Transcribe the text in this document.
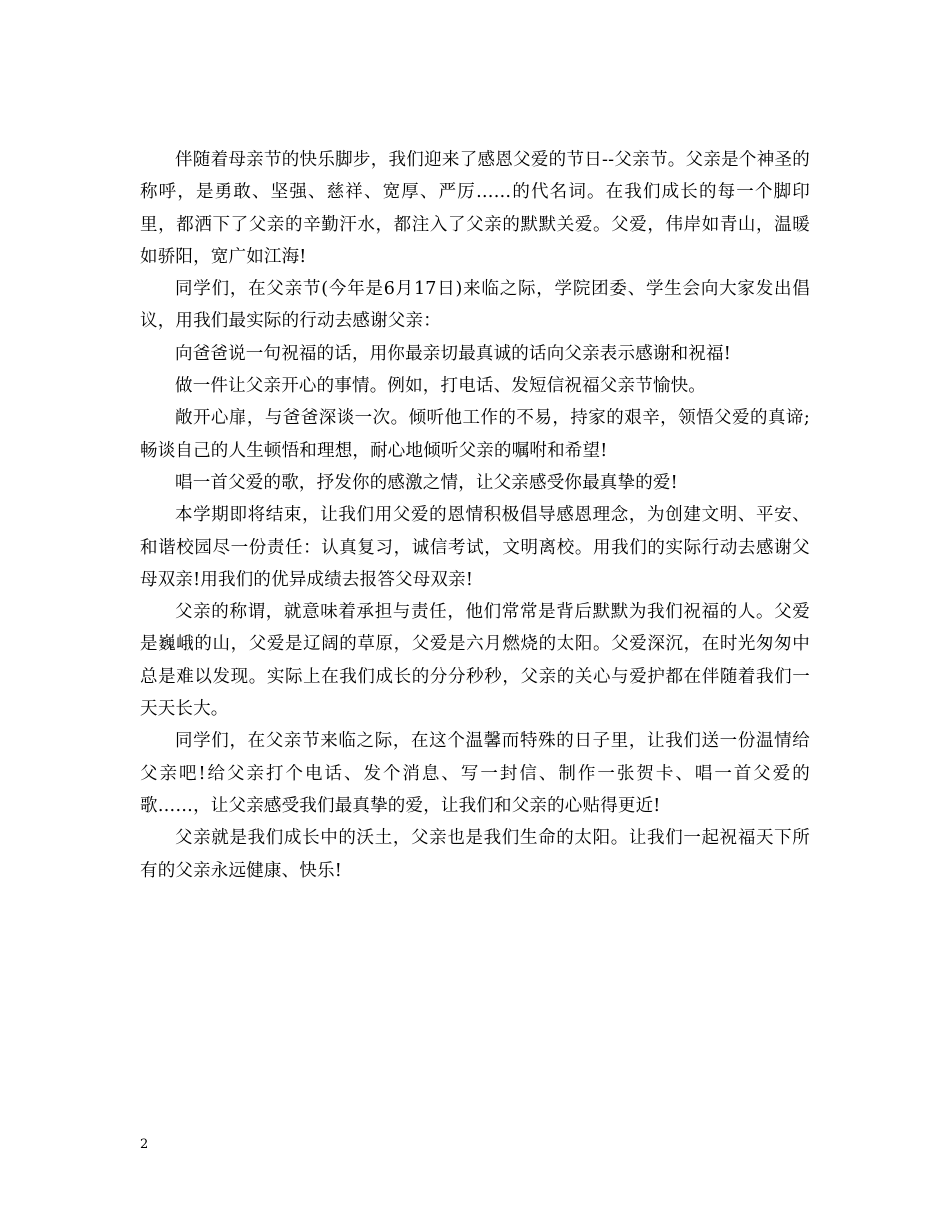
伴随着母亲节的快乐脚步，我们迎来了感恩父爱的节日--父亲节。父亲是个神圣的称呼，是勇敢、坚强、慈祥、宽厚、严厉……的代名词。在我们成长的每一个脚印里，都洒下了父亲的辛勤汗水，都注入了父亲的默默关爱。父爱，伟岸如青山，温暖如骄阳，宽广如江海!

同学们，在父亲节(今年是6月17日)来临之际，学院团委、学生会向大家发出倡议，用我们最实际的行动去感谢父亲：

向爸爸说一句祝福的话，用你最亲切最真诚的话向父亲表示感谢和祝福!

做一件让父亲开心的事情。例如，打电话、发短信祝福父亲节愉快。

敞开心扉，与爸爸深谈一次。倾听他工作的不易，持家的艰辛，领悟父爱的真谛;畅谈自己的人生顿悟和理想，耐心地倾听父亲的嘱咐和希望!

唱一首父爱的歌，抒发你的感激之情，让父亲感受你最真挚的爱!

本学期即将结束，让我们用父爱的恩情积极倡导感恩理念，为创建文明、平安、和谐校园尽一份责任：认真复习，诚信考试，文明离校。用我们的实际行动去感谢父母双亲!用我们的优异成绩去报答父母双亲!

父亲的称谓，就意味着承担与责任，他们常常是背后默默为我们祝福的人。父爱是巍峨的山，父爱是辽阔的草原，父爱是六月燃烧的太阳。父爱深沉，在时光匆匆中总是难以发现。实际上在我们成长的分分秒秒，父亲的关心与爱护都在伴随着我们一天天长大。

同学们，在父亲节来临之际，在这个温馨而特殊的日子里，让我们送一份温情给父亲吧!给父亲打个电话、发个消息、写一封信、制作一张贺卡、唱一首父爱的歌……，让父亲感受我们最真挚的爱，让我们和父亲的心贴得更近!

父亲就是我们成长中的沃土，父亲也是我们生命的太阳。让我们一起祝福天下所有的父亲永远健康、快乐!

2
